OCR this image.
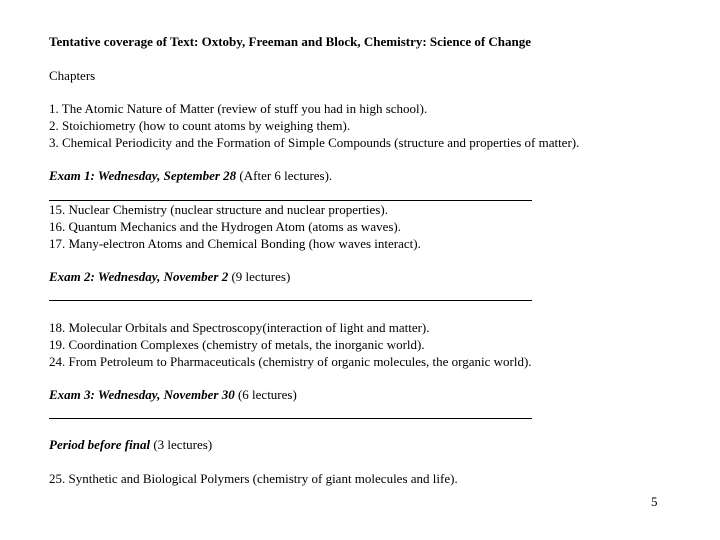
Tentative coverage of Text: Oxtoby, Freeman and Block, Chemistry: Science of Change
Chapters
1. The Atomic Nature of Matter (review of stuff you had in high school).
2. Stoichiometry (how to count atoms by weighing them).
3. Chemical Periodicity and the Formation of Simple Compounds (structure and properties of matter).
Exam 1: Wednesday, September 28 (After 6 lectures).
15. Nuclear Chemistry (nuclear structure and nuclear properties).
16. Quantum Mechanics and the Hydrogen Atom (atoms as waves).
17. Many-electron Atoms and Chemical Bonding (how waves interact).
Exam 2: Wednesday, November 2 (9 lectures)
18. Molecular Orbitals and Spectroscopy(interaction of light and matter).
19. Coordination Complexes (chemistry of metals, the inorganic world).
24. From Petroleum to Pharmaceuticals (chemistry of organic molecules, the organic world).
Exam 3: Wednesday, November 30 (6 lectures)
Period before final (3 lectures)
25. Synthetic and Biological Polymers (chemistry of giant molecules and life).
5
